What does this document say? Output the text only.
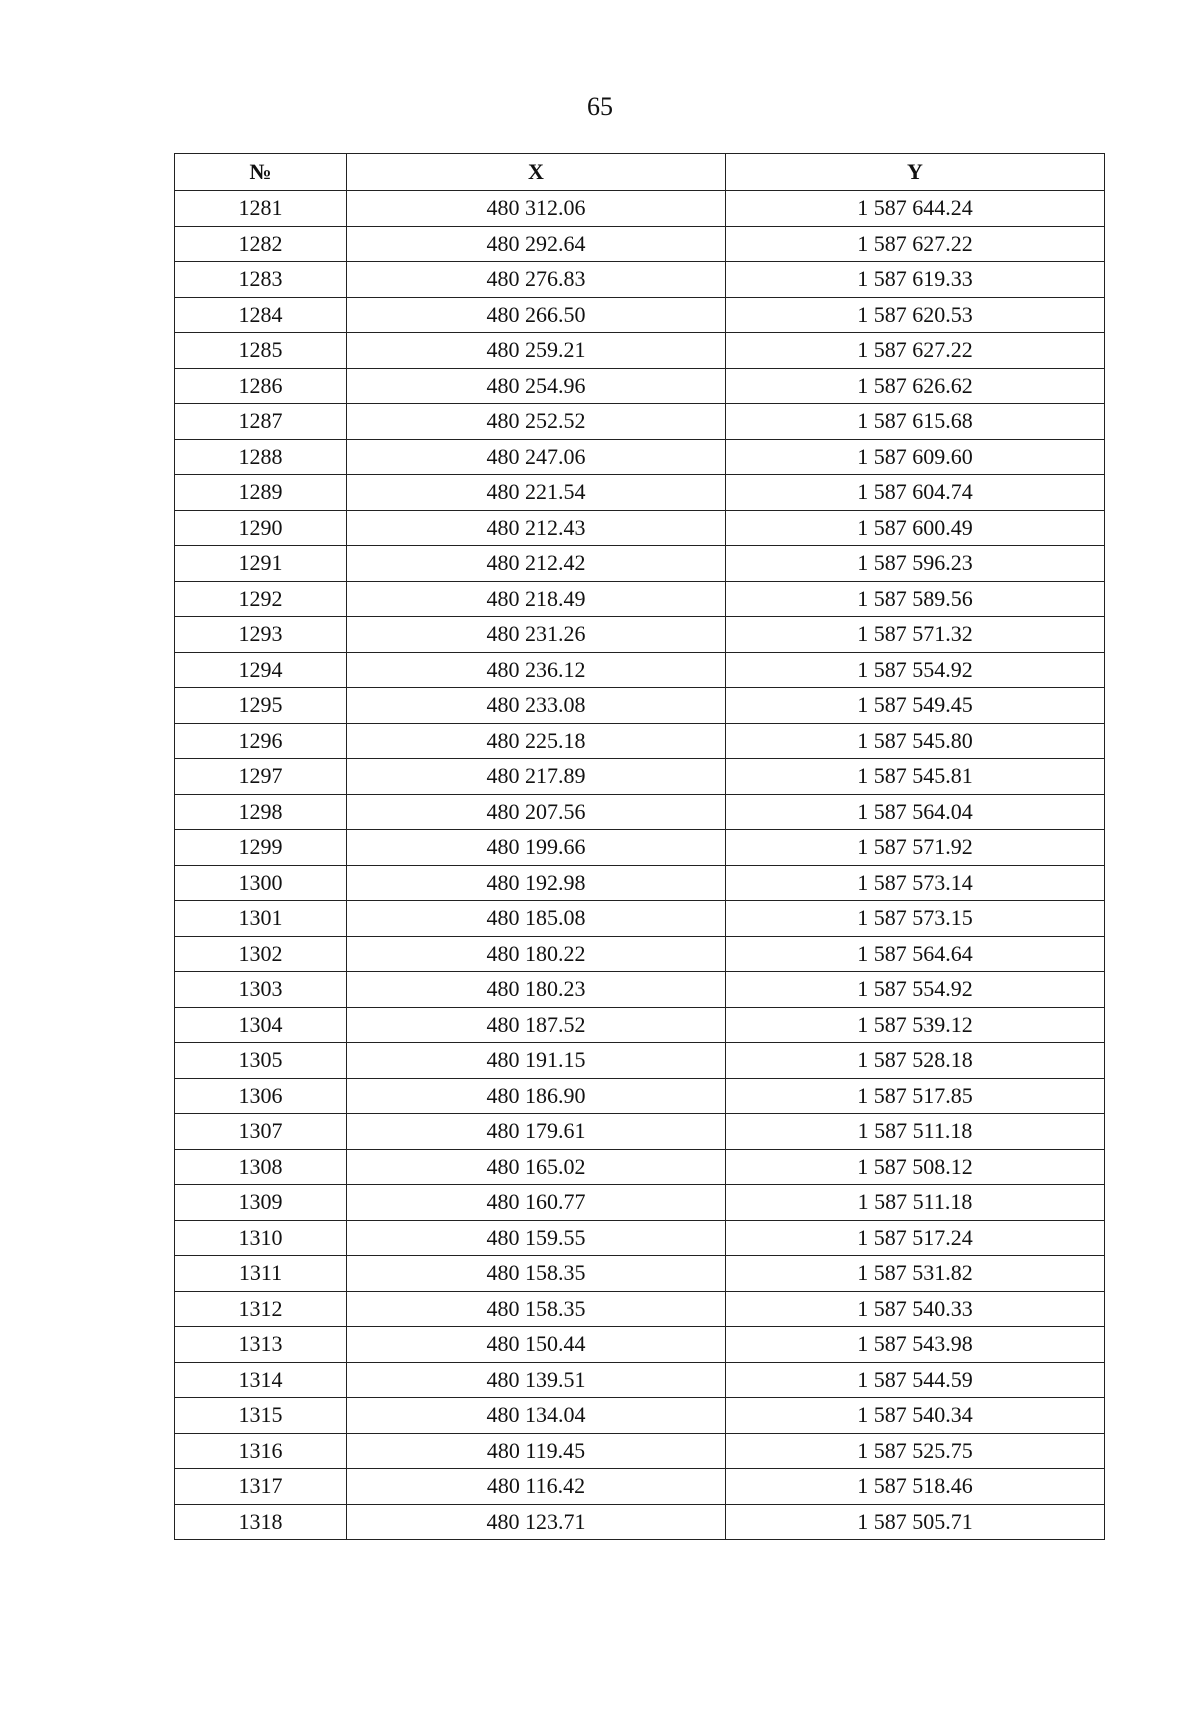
65
№	X	Y
1281	480 312.06	1 587 644.24
1282	480 292.64	1 587 627.22
1283	480 276.83	1 587 619.33
1284	480 266.50	1 587 620.53
1285	480 259.21	1 587 627.22
1286	480 254.96	1 587 626.62
1287	480 252.52	1 587 615.68
1288	480 247.06	1 587 609.60
1289	480 221.54	1 587 604.74
1290	480 212.43	1 587 600.49
1291	480 212.42	1 587 596.23
1292	480 218.49	1 587 589.56
1293	480 231.26	1 587 571.32
1294	480 236.12	1 587 554.92
1295	480 233.08	1 587 549.45
1296	480 225.18	1 587 545.80
1297	480 217.89	1 587 545.81
1298	480 207.56	1 587 564.04
1299	480 199.66	1 587 571.92
1300	480 192.98	1 587 573.14
1301	480 185.08	1 587 573.15
1302	480 180.22	1 587 564.64
1303	480 180.23	1 587 554.92
1304	480 187.52	1 587 539.12
1305	480 191.15	1 587 528.18
1306	480 186.90	1 587 517.85
1307	480 179.61	1 587 511.18
1308	480 165.02	1 587 508.12
1309	480 160.77	1 587 511.18
1310	480 159.55	1 587 517.24
1311	480 158.35	1 587 531.82
1312	480 158.35	1 587 540.33
1313	480 150.44	1 587 543.98
1314	480 139.51	1 587 544.59
1315	480 134.04	1 587 540.34
1316	480 119.45	1 587 525.75
1317	480 116.42	1 587 518.46
1318	480 123.71	1 587 505.71
